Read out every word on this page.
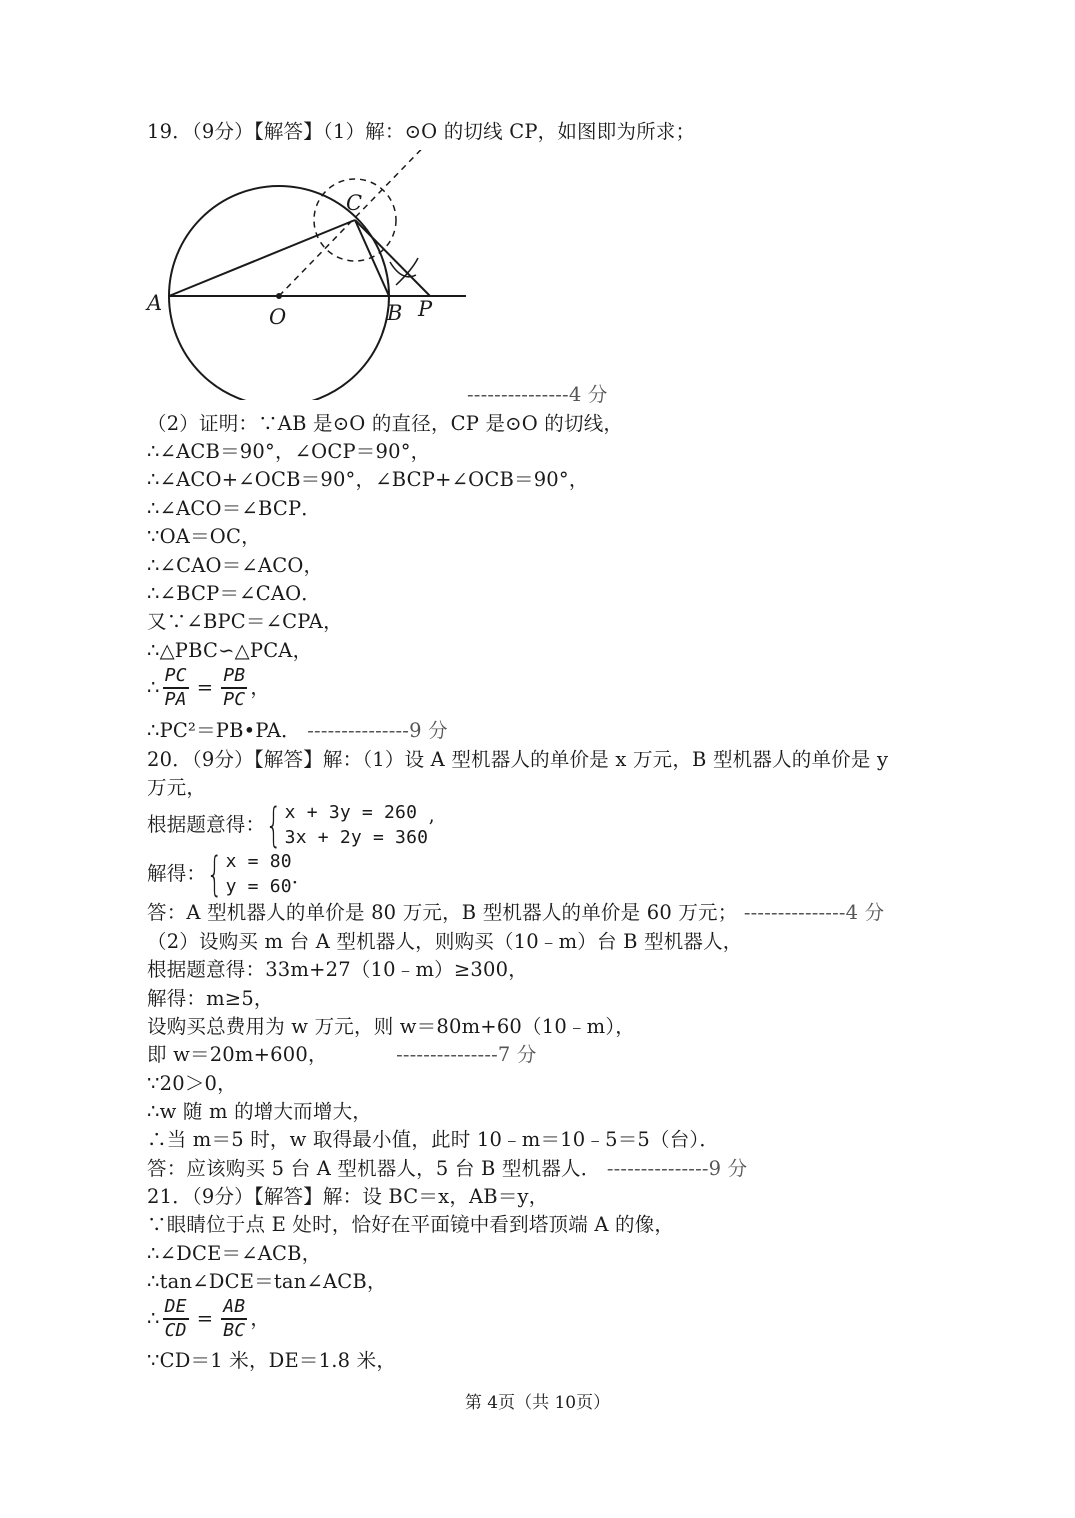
19．（9分）【解答】（1）解：⊙O 的切线 CP，如图即为所求；
A
O
C
B P
---------------4 分
（2）证明：∵AB 是⊙O 的直径，CP 是⊙O 的切线，
∴∠ACB＝90°，∠OCP＝90°，
∴∠ACO+∠OCB＝90°，∠BCP+∠OCB＝90°，
∴∠ACO＝∠BCP．
∵OA＝OC，
∴∠CAO＝∠ACO，
∴∠BCP＝∠CAO．
又∵∠BPC＝∠CPA，
∴△PBC∽△PCA，
∴ $\frac{PC}{PA} = \frac{PB}{PC}$ ，
∴PC²＝PB•PA． ---------------9 分
20．（9分）【解答】解：（1）设 A 型机器人的单价是 x 万元，B 型机器人的单价是 y
万元，
根据题意得： { x + 3y = 260
3x + 2y = 360 ’
解得： { x = 80
y = 60 ．
答：A 型机器人的单价是 80 万元，B 型机器人的单价是 60 万元； ---------------4 分
（2）设购买 m 台 A 型机器人，则购买（10﹣m）台 B 型机器人，
根据题意得：33m+27（10﹣m）≥300，
解得：m≥5，
设购买总费用为 w 万元，则 w＝80m+60（10﹣m），
即 w＝20m+600，	---------------7 分
∵20＞0，
∴w 随 m 的增大而增大，
∴当 m＝5 时，w 取得最小值，此时 10﹣m＝10﹣5＝5（台）．
答：应该购买 5 台 A 型机器人，5 台 B 型机器人． ---------------9 分
21．（9分）【解答】解：设 BC＝x，AB＝y，
∵眼睛位于点 E 处时，恰好在平面镜中看到塔顶端 A 的像，
∴∠DCE＝∠ACB，
∴tan∠DCE＝tan∠ACB，
∴ $\frac{DE}{CD} = \frac{AB}{BC}$ ，
∵CD＝1 米，DE＝1.8 米，
第 4页（共 10页）
